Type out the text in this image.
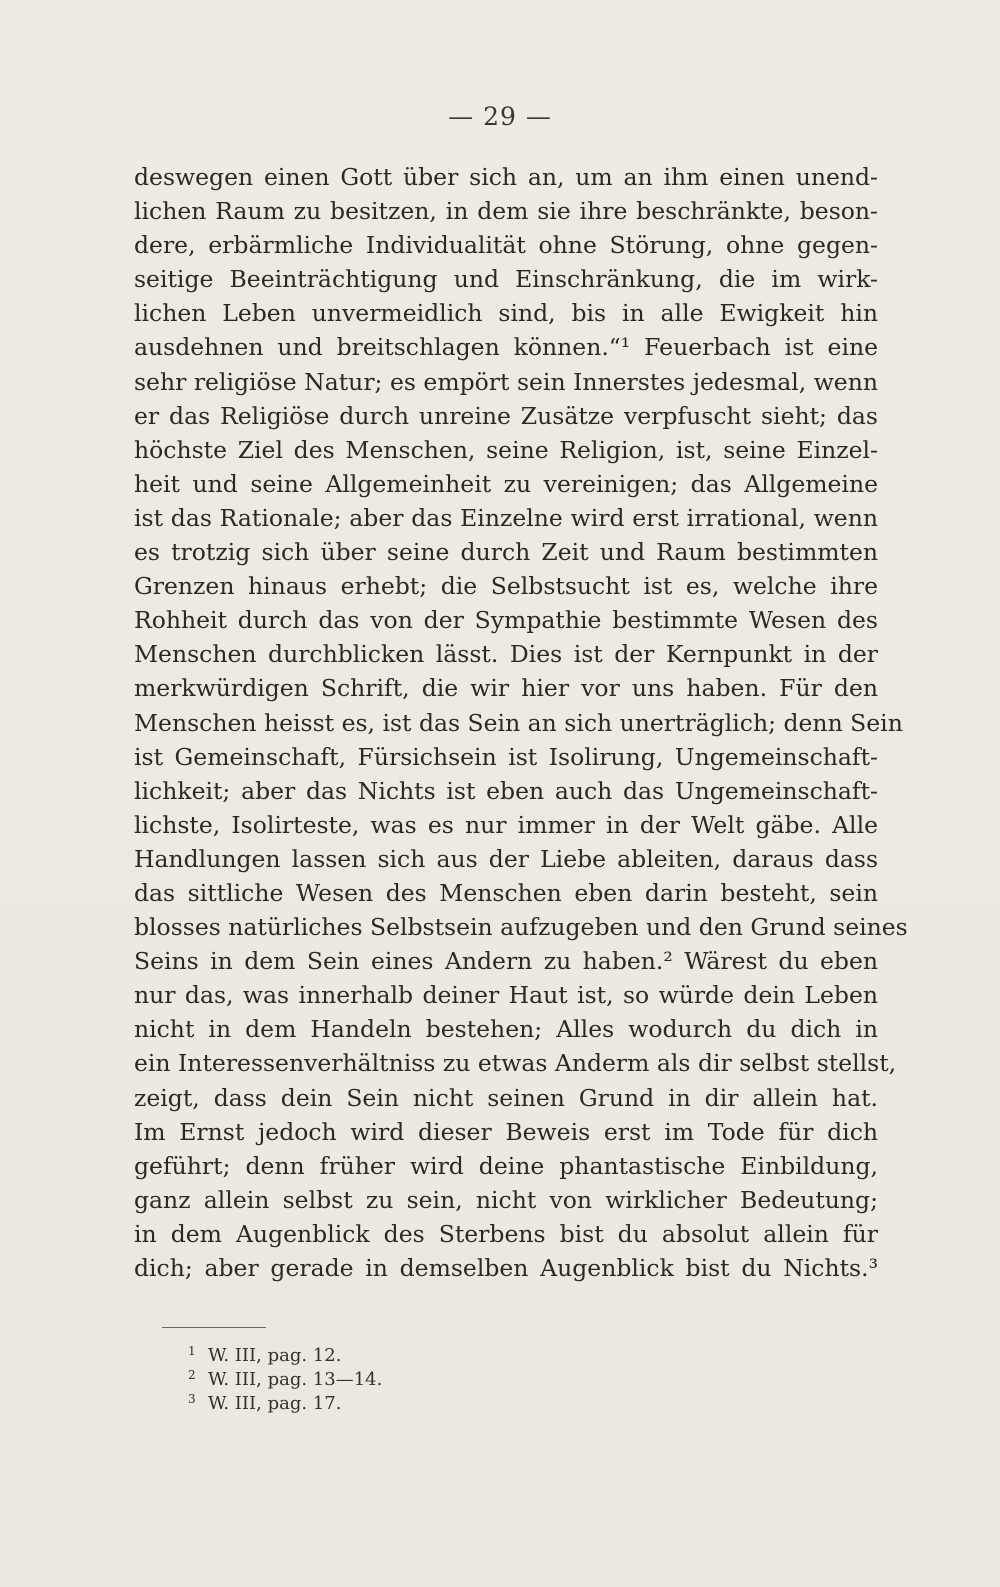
— 29 —
deswegen einen Gott über sich an, um an ihm einen unend-
lichen Raum zu besitzen, in dem sie ihre beschränkte, beson-
dere, erbärmliche Individualität ohne Störung, ohne gegen-
seitige Beeinträchtigung und Einschränkung, die im wirk-
lichen Leben unvermeidlich sind, bis in alle Ewigkeit hin
ausdehnen und breitschlagen können.“¹ Feuerbach ist eine
sehr religiöse Natur; es empört sein Innerstes jedesmal, wenn
er das Religiöse durch unreine Zusätze verpfuscht sieht; das
höchste Ziel des Menschen, seine Religion, ist, seine Einzel-
heit und seine Allgemeinheit zu vereinigen; das Allgemeine
ist das Rationale; aber das Einzelne wird erst irrational, wenn
es trotzig sich über seine durch Zeit und Raum bestimmten
Grenzen hinaus erhebt; die Selbstsucht ist es, welche ihre
Rohheit durch das von der Sympathie bestimmte Wesen des
Menschen durchblicken lässt. Dies ist der Kernpunkt in der
merkwürdigen Schrift, die wir hier vor uns haben. Für den
Menschen heisst es, ist das Sein an sich unerträglich; denn Sein
ist Gemeinschaft, Fürsichsein ist Isolirung, Ungemeinschaft-
lichkeit; aber das Nichts ist eben auch das Ungemeinschaft-
lichste, Isolirteste, was es nur immer in der Welt gäbe. Alle
Handlungen lassen sich aus der Liebe ableiten, daraus dass
das sittliche Wesen des Menschen eben darin besteht, sein
blosses natürliches Selbstsein aufzugeben und den Grund seines
Seins in dem Sein eines Andern zu haben.² Wärest du eben
nur das, was innerhalb deiner Haut ist, so würde dein Leben
nicht in dem Handeln bestehen; Alles wodurch du dich in
ein Interessenverhältniss zu etwas Anderm als dir selbst stellst,
zeigt, dass dein Sein nicht seinen Grund in dir allein hat.
Im Ernst jedoch wird dieser Beweis erst im Tode für dich
geführt; denn früher wird deine phantastische Einbildung,
ganz allein selbst zu sein, nicht von wirklicher Bedeutung;
in dem Augenblick des Sterbens bist du absolut allein für
dich; aber gerade in demselben Augenblick bist du Nichts.³
1 W. III, pag. 12.
2 W. III, pag. 13—14.
3 W. III, pag. 17.
